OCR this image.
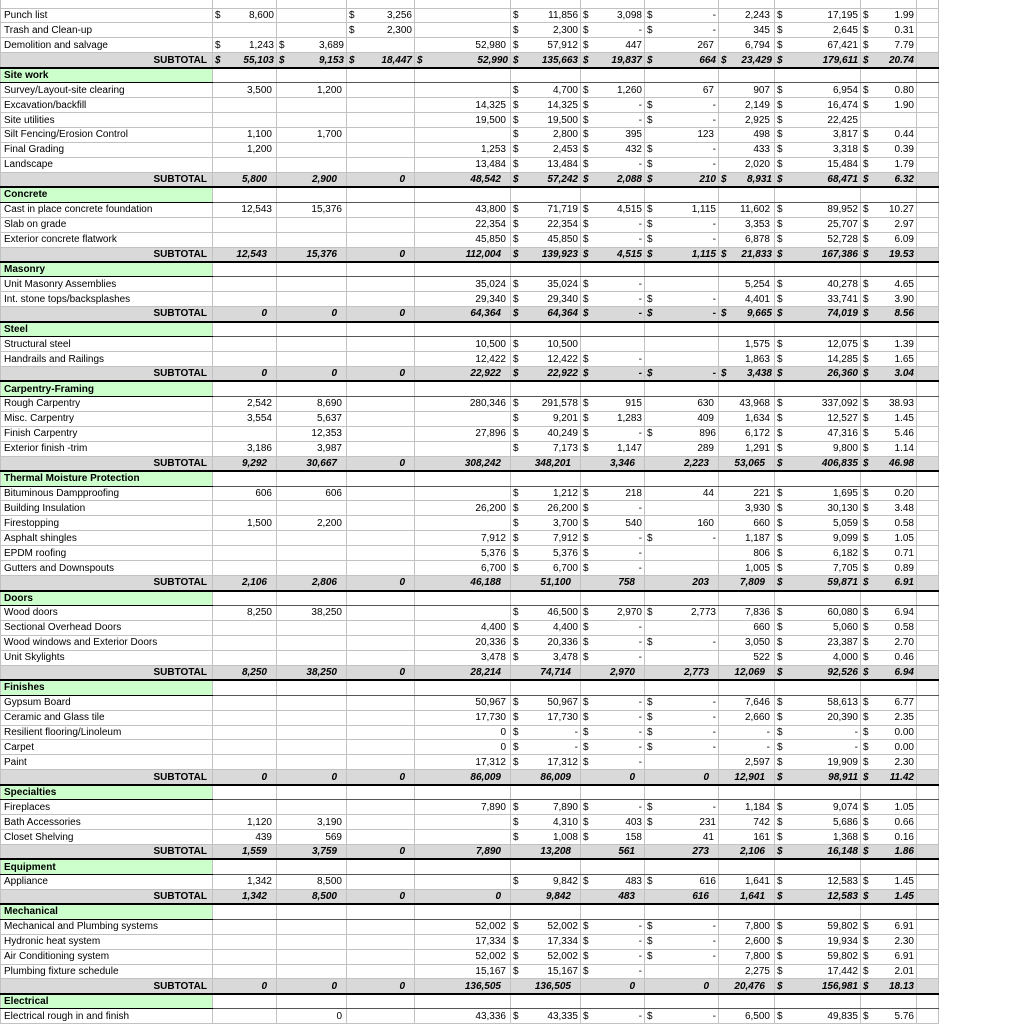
Punch list	$ 8,600		$ 3,256		$ 11,856	$ 3,098	$ -	2,243	$ 17,195	$ 1.99	

Trash and Clean-up			$ 2,300		$ 2,300	$ -	$ -	345	$ 2,645	$ 0.31	

Demolition and salvage	$ 1,243	$ 3,689		52,980	$ 57,912	$ 447	267	6,794	$ 67,421	$ 7.79	

SUBTOTAL	$ 55,103	$ 9,153	$ 18,447	$ 52,990	$ 135,663	$ 19,837	$ 664	$ 23,429	$ 179,611	$ 20.74	

Site work											
Survey/Layout-site clearing	3,500	1,200			$ 4,700	$ 1,260	67	907	$ 6,954	$ 0.80	

Excavation/backfill				14,325	$ 14,325	$ -	$ -	2,149	$ 16,474	$ 1.90	

Site utilities				19,500	$ 19,500	$ -	$ -	2,925	$ 22,425		

Silt Fencing/Erosion Control	1,100	1,700			$ 2,800	$ 395	123	498	$ 3,817	$ 0.44	

Final Grading	1,200			1,253	$ 2,453	$ 432	$ -	433	$ 3,318	$ 0.39	

Landscape				13,484	$ 13,484	$ -	$ -	2,020	$ 15,484	$ 1.79	

SUBTOTAL	5,800	2,900	0	48,542	$ 57,242	$ 2,088	$ 210	$ 8,931	$ 68,471	$ 6.32	

Concrete											
Cast in place concrete foundation	12,543	15,376		43,800	$ 71,719	$ 4,515	$ 1,115	11,602	$ 89,952	$ 10.27	

Slab on grade				22,354	$ 22,354	$ -	$ -	3,353	$ 25,707	$ 2.97	

Exterior concrete flatwork				45,850	$ 45,850	$ -	$ -	6,878	$ 52,728	$ 6.09	

SUBTOTAL	12,543	15,376	0	112,004	$ 139,923	$ 4,515	$ 1,115	$ 21,833	$ 167,386	$ 19.53	

Masonry											
Unit Masonry Assemblies				35,024	$ 35,024	$ -		5,254	$ 40,278	$ 4.65	

Int. stone tops/backsplashes				29,340	$ 29,340	$ -	$ -	4,401	$ 33,741	$ 3.90	

SUBTOTAL	0	0	0	64,364	$ 64,364	$ -	$ -	$ 9,665	$ 74,019	$ 8.56	

Steel											
Structural steel				10,500	$ 10,500			1,575	$ 12,075	$ 1.39	

Handrails and Railings				12,422	$ 12,422	$ -		1,863	$ 14,285	$ 1.65	

SUBTOTAL	0	0	0	22,922	$ 22,922	$ -	$ -	$ 3,438	$ 26,360	$ 3.04	

Carpentry-Framing											
Rough Carpentry	2,542	8,690		280,346	$ 291,578	$ 915	630	43,968	$ 337,092	$ 38.93	

Misc. Carpentry	3,554	5,637			$ 9,201	$ 1,283	409	1,634	$ 12,527	$ 1.45	

Finish Carpentry		12,353		27,896	$ 40,249	$ -	$ 896	6,172	$ 47,316	$ 5.46	

Exterior finish -trim	3,186	3,987			$ 7,173	$ 1,147	289	1,291	$ 9,800	$ 1.14	

SUBTOTAL	9,292	30,667	0	308,242	348,201	3,346	2,223	53,065	$ 406,835	$ 46.98	

Thermal Moisture Protection											
Bituminous Dampproofing	606	606			$ 1,212	$ 218	44	221	$ 1,695	$ 0.20	

Building Insulation				26,200	$ 26,200	$ -		3,930	$ 30,130	$ 3.48	

Firestopping	1,500	2,200			$ 3,700	$ 540	160	660	$ 5,059	$ 0.58	

Asphalt shingles				7,912	$ 7,912	$ -	$ -	1,187	$ 9,099	$ 1.05	

EPDM roofing				5,376	$ 5,376	$ -		806	$ 6,182	$ 0.71	

Gutters and Downspouts				6,700	$ 6,700	$ -		1,005	$ 7,705	$ 0.89	

SUBTOTAL	2,106	2,806	0	46,188	51,100	758	203	7,809	$ 59,871	$ 6.91	

Doors											
Wood doors	8,250	38,250			$ 46,500	$ 2,970	$ 2,773	7,836	$ 60,080	$ 6.94	

Sectional Overhead Doors				4,400	$ 4,400	$ -		660	$ 5,060	$ 0.58	

Wood windows and Exterior Doors				20,336	$ 20,336	$ -	$ -	3,050	$ 23,387	$ 2.70	

Unit Skylights				3,478	$ 3,478	$ -		522	$ 4,000	$ 0.46	

SUBTOTAL	8,250	38,250	0	28,214	74,714	2,970	2,773	12,069	$ 92,526	$ 6.94	

Finishes											
Gypsum Board				50,967	$ 50,967	$ -	$ -	7,646	$ 58,613	$ 6.77	

Ceramic and Glass tile				17,730	$ 17,730	$ -	$ -	2,660	$ 20,390	$ 2.35	

Resilient flooring/Linoleum				0	$ -	$ -	$ -	-	$ -	$ 0.00	

Carpet				0	$ -	$ -	$ -	-	$ -	$ 0.00	

Paint				17,312	$ 17,312	$ -		2,597	$ 19,909	$ 2.30	

SUBTOTAL	0	0	0	86,009	86,009	0	0	12,901	$ 98,911	$ 11.42	

Specialties											
Fireplaces				7,890	$ 7,890	$ -	$ -	1,184	$ 9,074	$ 1.05	

Bath Accessories	1,120	3,190			$ 4,310	$ 403	$ 231	742	$ 5,686	$ 0.66	

Closet Shelving	439	569			$ 1,008	$ 158	41	161	$ 1,368	$ 0.16	

SUBTOTAL	1,559	3,759	0	7,890	13,208	561	273	2,106	$ 16,148	$ 1.86	

Equipment											
Appliance	1,342	8,500			$ 9,842	$ 483	$ 616	1,641	$ 12,583	$ 1.45	

SUBTOTAL	1,342	8,500	0	0	9,842	483	616	1,641	$ 12,583	$ 1.45	

Mechanical											
Mechanical and Plumbing systems				52,002	$ 52,002	$ -	$ -	7,800	$ 59,802	$ 6.91	

Hydronic heat system				17,334	$ 17,334	$ -	$ -	2,600	$ 19,934	$ 2.30	

Air Conditioning system				52,002	$ 52,002	$ -	$ -	7,800	$ 59,802	$ 6.91	

Plumbing fixture schedule				15,167	$ 15,167	$ -		2,275	$ 17,442	$ 2.01	

SUBTOTAL	0	0	0	136,505	136,505	0	0	20,476	$ 156,981	$ 18.13	

Electrical											
Electrical rough in and finish		0		43,336	$ 43,335	$ -	$ -	6,500	$ 49,835	$ 5.76	
